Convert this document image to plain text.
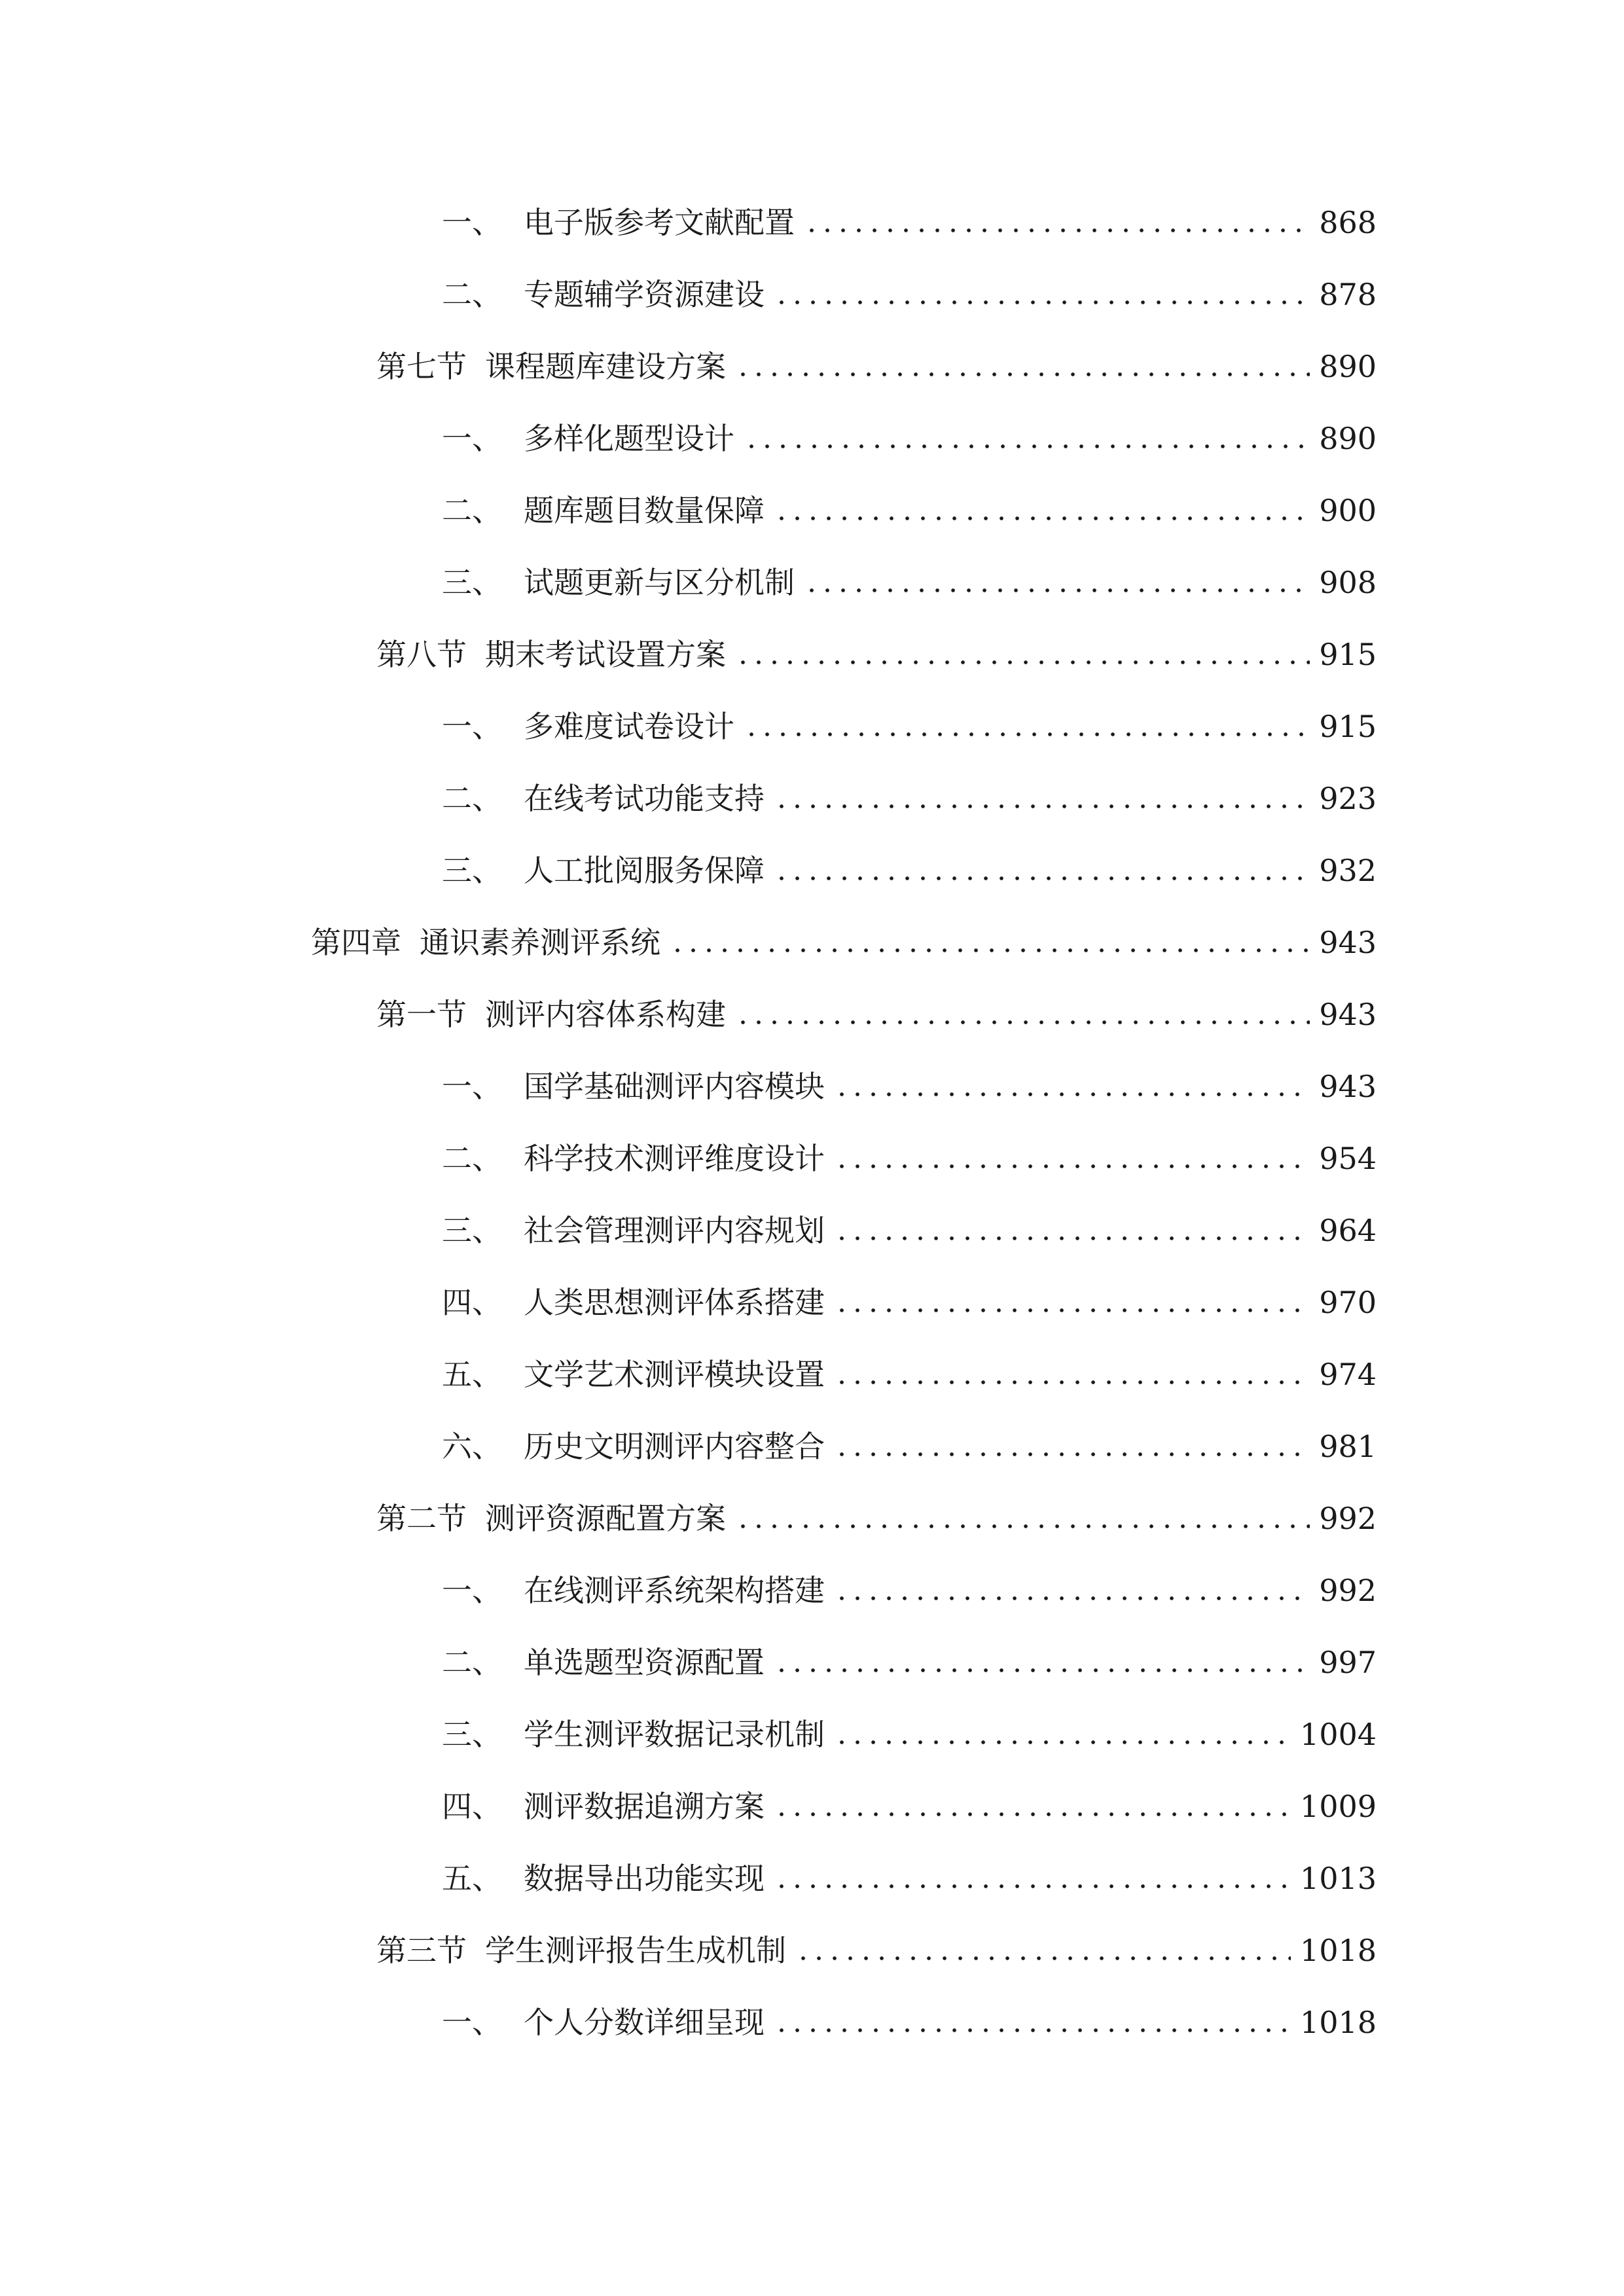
一、 电子版参考文献配置	868
二、 专题辅学资源建设	878
第七节 课程题库建设方案	890
一、 多样化题型设计	890
二、 题库题目数量保障	900
三、 试题更新与区分机制	908
第八节 期末考试设置方案	915
一、 多难度试卷设计	915
二、 在线考试功能支持	923
三、 人工批阅服务保障	932
第四章 通识素养测评系统	943
第一节 测评内容体系构建	943
一、 国学基础测评内容模块	943
二、 科学技术测评维度设计	954
三、 社会管理测评内容规划	964
四、 人类思想测评体系搭建	970
五、 文学艺术测评模块设置	974
六、 历史文明测评内容整合	981
第二节 测评资源配置方案	992
一、 在线测评系统架构搭建	992
二、 单选题型资源配置	997
三、 学生测评数据记录机制	1004
四、 测评数据追溯方案	1009
五、 数据导出功能实现	1013
第三节 学生测评报告生成机制	1018
一、 个人分数详细呈现	1018
